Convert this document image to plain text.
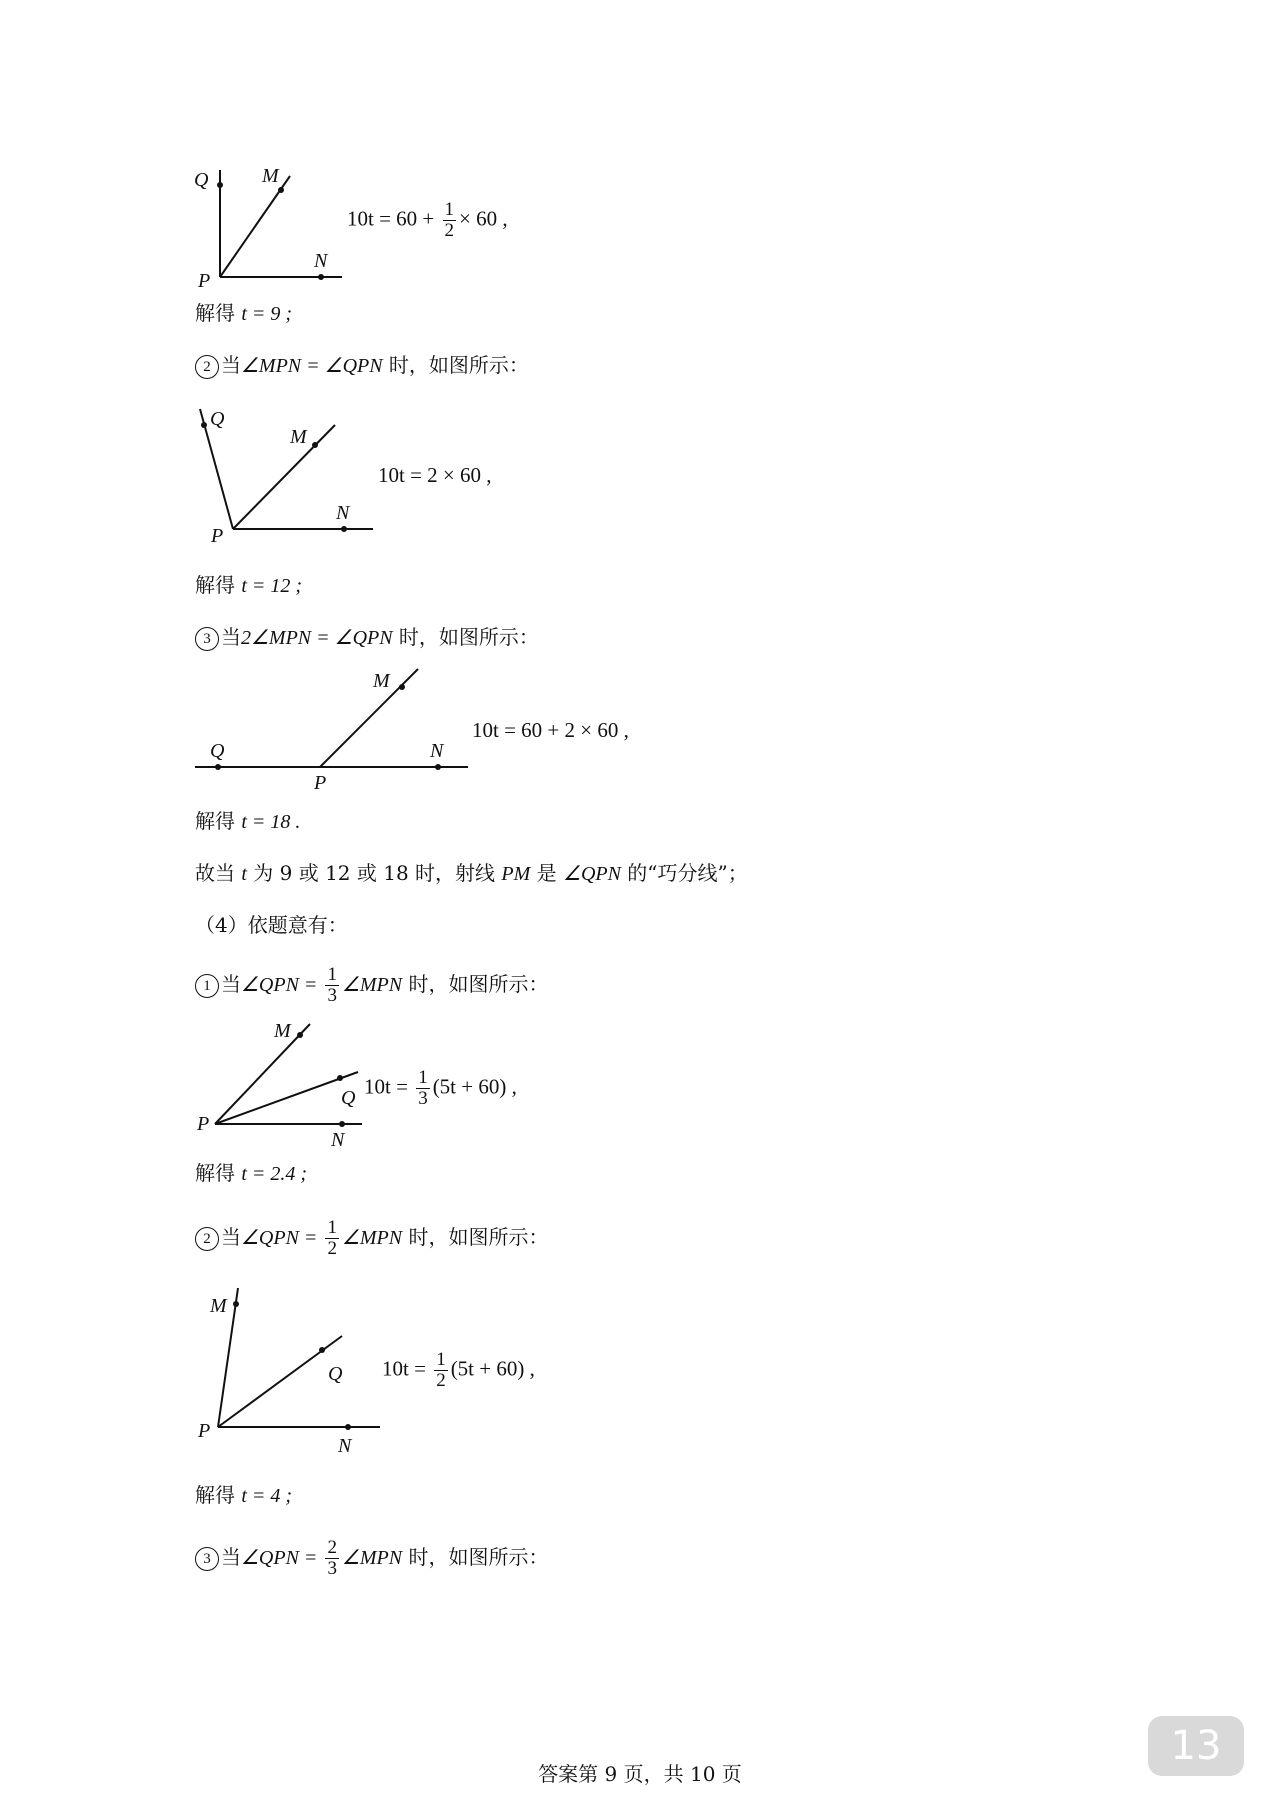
Q	M
N
P
$10t = 60 + \frac{1}{2} \times 60$ ,
解得 t = 9 ;
2 当∠MPN = ∠QPN 时，如图所示：
Q
M
N
P
10t = 2 × 60 ,
解得 t = 12 ;
3 当2∠MPN = ∠QPN 时，如图所示：
M
Q	N
P
10t = 60 + 2 × 60 ,
解得 t = 18 .
故当 t 为 9 或 12 或 18 时，射线 PM 是 ∠QPN 的“巧分线”；
（4）依题意有：
1 当∠QPN = $\frac{1}{3}$ ∠MPN 时，如图所示：
M
Q
P
N
$10t = \frac{1}{3} (5t + 60)$ ,
解得 t = 2.4 ;
2 当∠QPN = $\frac{1}{2}$ ∠MPN 时，如图所示：
M
Q
P
N
$10t = \frac{1}{2} (5t + 60)$ ,
解得 t = 4 ;
3 当∠QPN = $\frac{2}{3}$ ∠MPN 时，如图所示：
13
答案第 9 页，共 10 页
